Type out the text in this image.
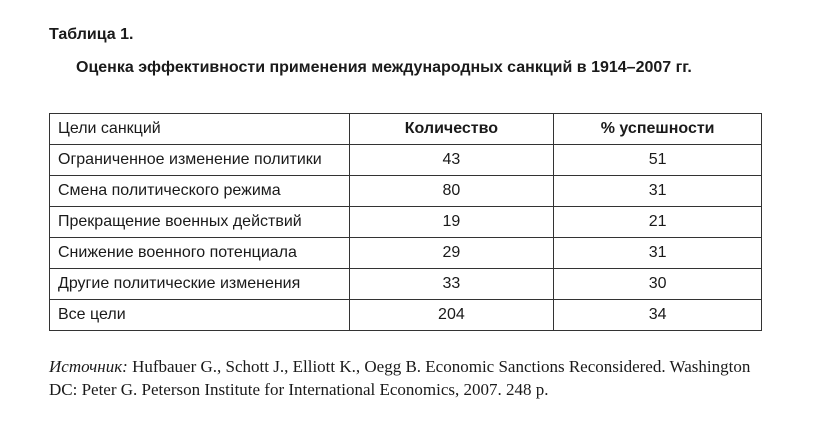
Таблица 1.
Оценка эффективности применения международных санкций в 1914–2007 гг.
Цели санкций	Количество	% успешности
Ограниченное изменение политики	43	51
Смена политического режима	80	31
Прекращение военных действий	19	21
Снижение военного потенциала	29	31
Другие политические изменения	33	30
Все цели	204	34
Источник: Hufbauer G., Schott J., Elliott K., Oegg B. Economic Sanctions Reconsidered. Washington DC: Peter G. Peterson Institute for International Economics, 2007. 248 p.
